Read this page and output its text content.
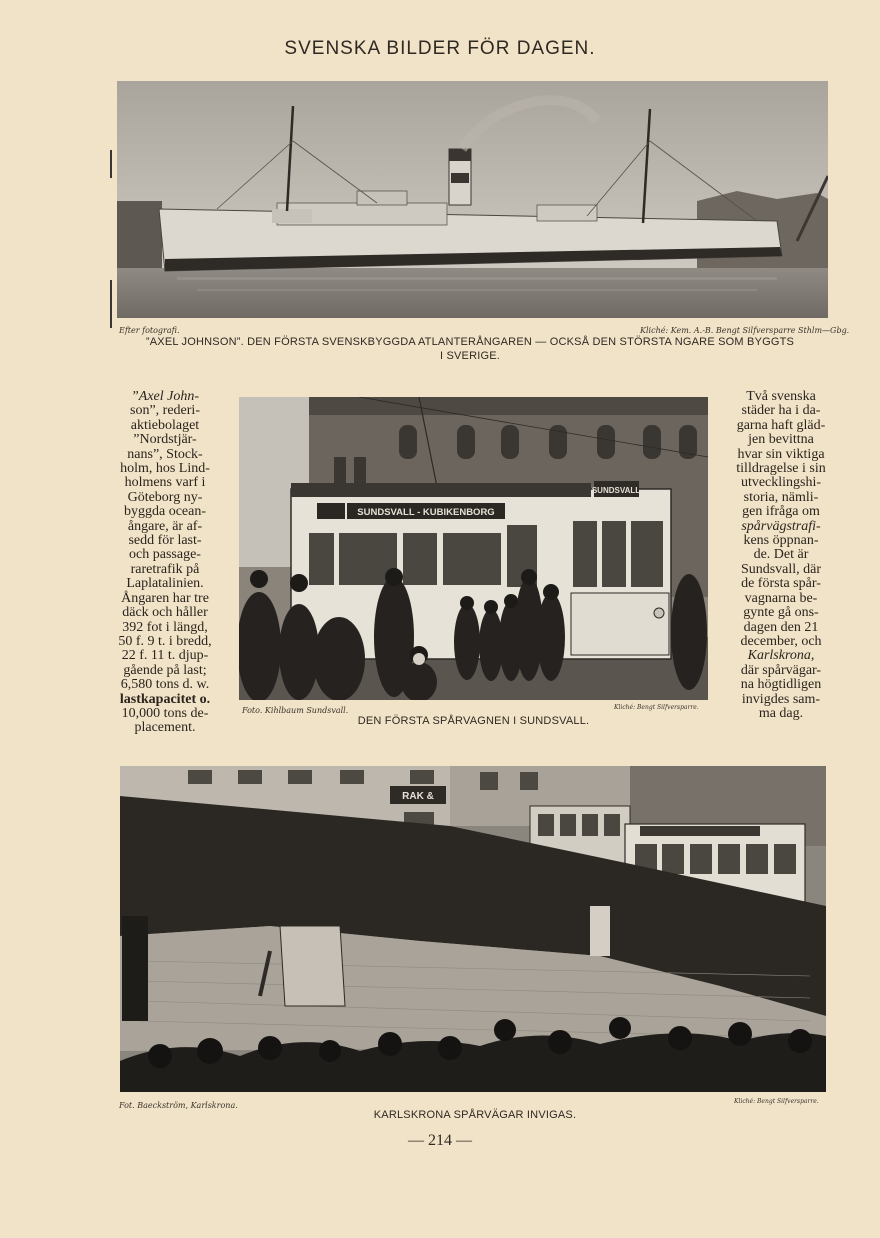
SVENSKA BILDER FÖR DAGEN.
Efter fotografi.	Kliché: Kem. A.-B. Bengt Silfversparre Sthlm—Gbg.
”AXEL JOHNSON”. DEN FÖRSTA SVENSKBYGGDA ATLANTERÅNGAREN — OCKSÅ DEN STÖRSTA NGARE SOM BYGGTS
I SVERIGE.
”Axel John-
son”, rederi-
aktiebolaget
”Nordstjär-
nans”, Stock-
holm, hos Lind-
holmens varf i
Göteborg ny-
byggda ocean-
ångare, är af-
sedd för last-
och passage-
raretrafik på
Laplatalinien.
Ångaren har tre
däck och håller
392 fot i längd,
50 f. 9 t. i bredd,
22 f. 11 t. djup-
gående på last;
6,580 tons d. w.
lastkapacitet o.
10,000 tons de-
placement.
SUNDSVALL - KUBIKENBORG
SUNDSVALL
Foto. Kihlbaum Sundsvall.	Kliché: Bengt Silfversparre.
DEN FÖRSTA SPÅRVAGNEN I SUNDSVALL.
Två svenska
städer ha i da-
garna haft gläd-
jen bevittna
hvar sin viktiga
tilldragelse i sin
utvecklingshi-
storia, nämli-
gen ifråga om
spårvägstrafi-
kens öppnan-
de. Det är
Sundsvall, där
de första spår-
vagnarna be-
gynte gå ons-
dagen den 21
december, och
Karlskrona,
där spårvägar-
na högtidligen
invigdes sam-
ma dag.
RAK &
Fot. Baeckström, Karlskrona.	Kliché: Bengt Silfversparre.
KARLSKRONA SPÅRVÄGAR INVIGAS.
— 214 —
